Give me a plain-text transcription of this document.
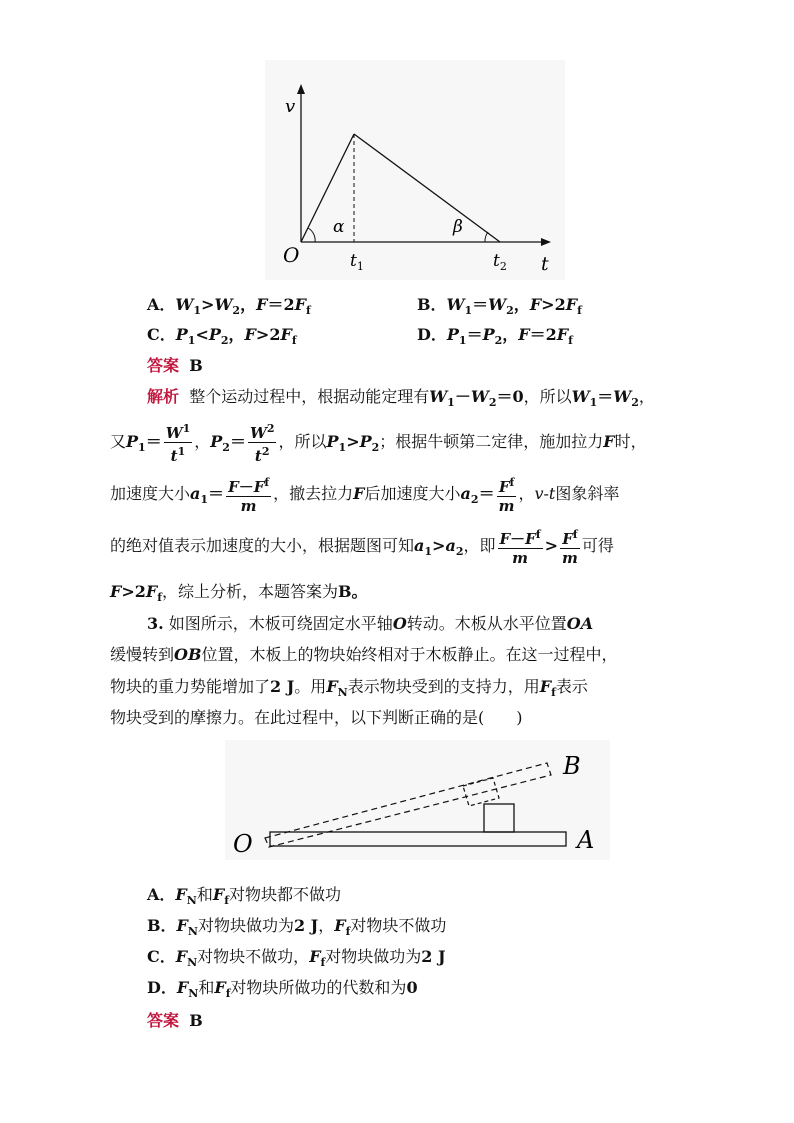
v
O
α	β
$t_1$	$t_2$ t
A．$W_1>W_2$，$F=2F_f$	B．$W_1=W_2$，$F>2F_f$
C．$P_1<P_2$，$F>2F_f$	D．$P_1=P_2$，$F=2F_f$
答案 B
解析 整个运动过程中，根据动能定理有$W_1-W_2=0$，所以$W_1=W_2$，
又$P_1= \frac{W^1}{t^1}$ ，$P_2= \frac{W^2}{t^2}$ ，所以$P_1>P_2$；根据牛顿第二定律，施加拉力F时，
加速度大小$a_1= \frac{F-F^f}{m}$ ，撤去拉力F后加速度大小$a_2= \frac{F^f}{m}$ ，v-t图象斜率
的绝对值表示加速度的大小，根据题图可知$a_1>a_2$，即 $\frac{F-F^f}{m} > \frac{F^f}{m}$ 可得
$F>2F_f$，综上分析，本题答案为B。
3. 如图所示，木板可绕固定水平轴O转动。木板从水平位置OA
缓慢转到OB位置，木板上的物块始终相对于木板静止。在这一过程中，
物块的重力势能增加了2 J。用$F_N$表示物块受到的支持力，用$F_f$表示
物块受到的摩擦力。在此过程中，以下判断正确的是(　　)
O	A
B
A．$F_N$和$F_f$对物块都不做功
B．$F_N$对物块做功为2 J，$F_f$对物块不做功
C．$F_N$对物块不做功，$F_f$对物块做功为2 J
D．$F_N$和$F_f$对物块所做功的代数和为0
答案 B
